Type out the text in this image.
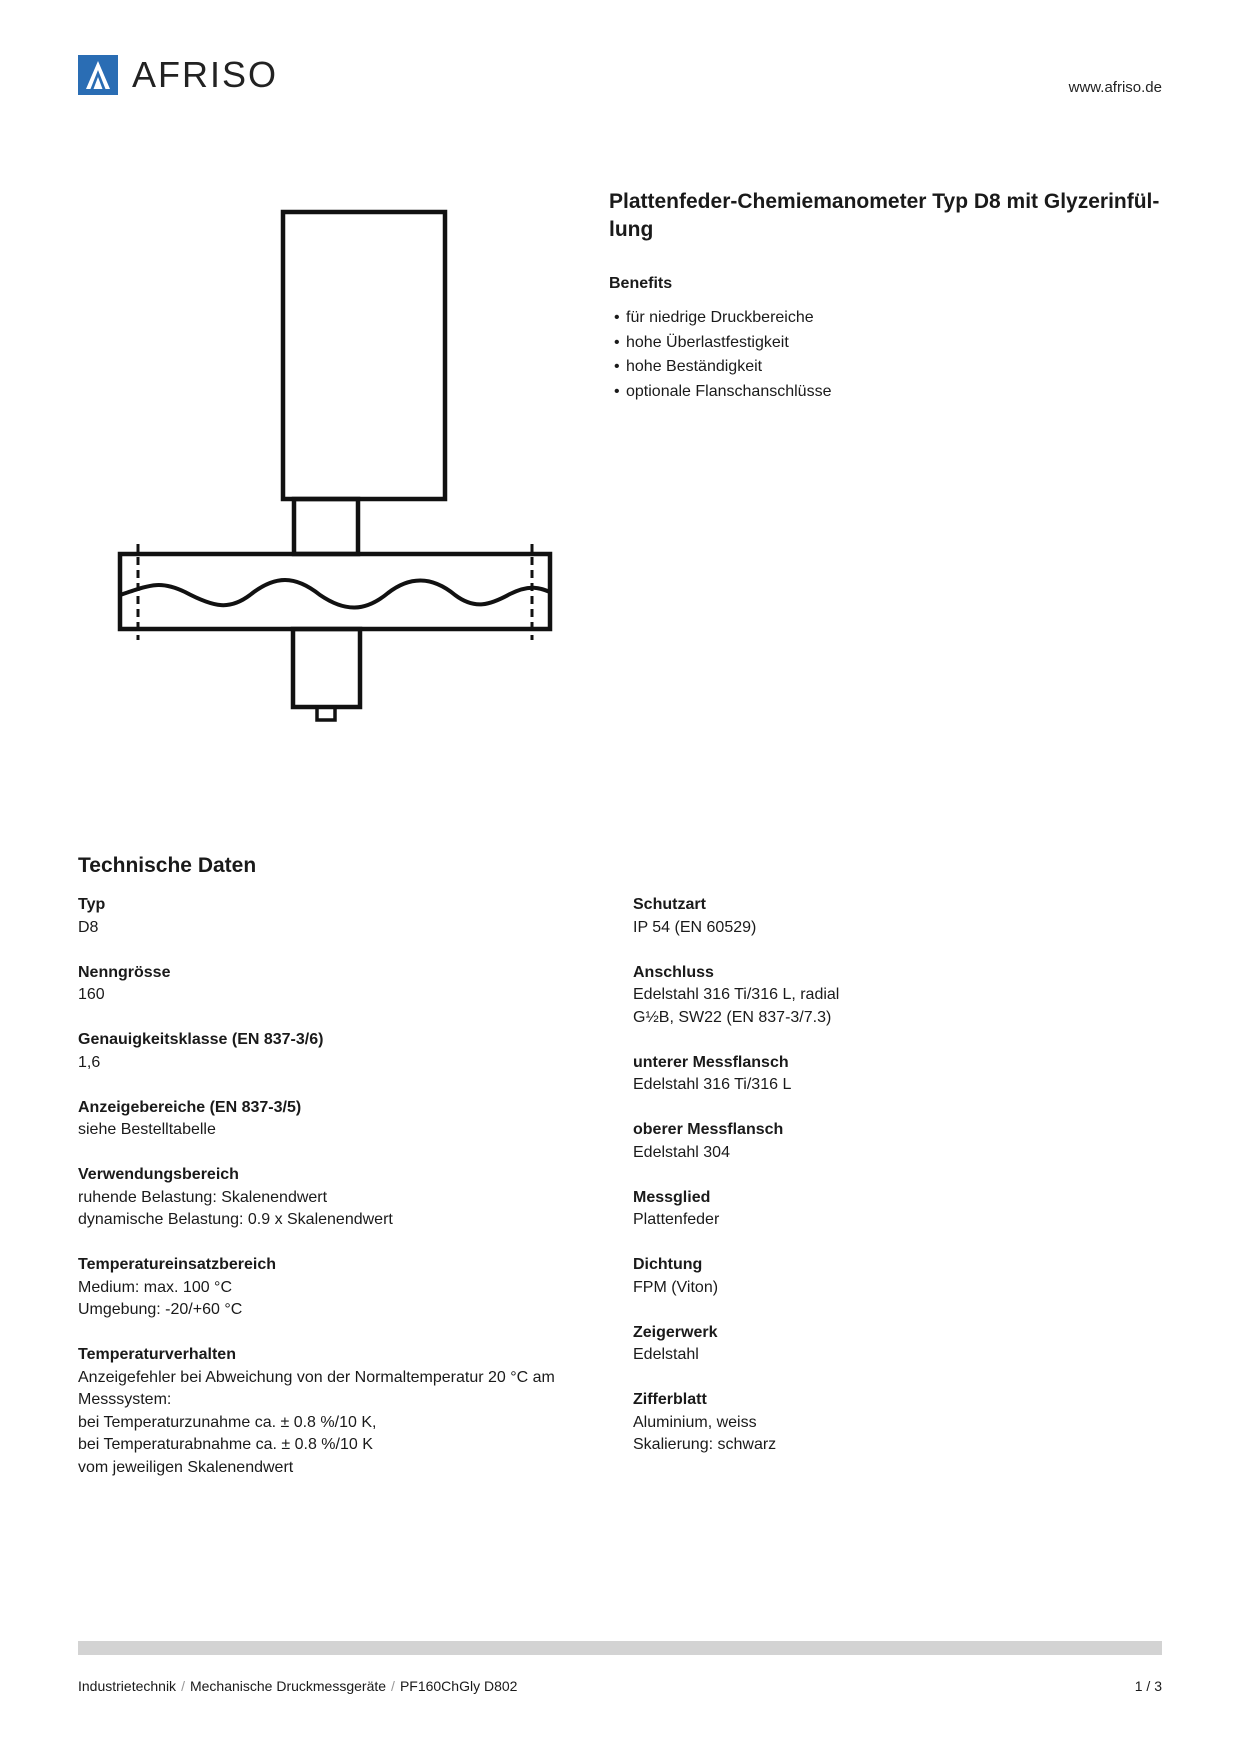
AFRISO	www.afriso.de
Plattenfeder-Chemiemanometer Typ D8 mit Glyzerinfül-
lung
Benefits
• für niedrige Druckbereiche
• hohe Überlastfestigkeit
• hohe Beständigkeit
• optionale Flanschanschlüsse
Technische Daten
Typ
D8
Nenngrösse
160
Genauigkeitsklasse (EN 837-3/6)
1,6
Anzeigebereiche (EN 837-3/5)
siehe Bestelltabelle
Verwendungsbereich
ruhende Belastung: Skalenendwert
dynamische Belastung: 0.9 x Skalenendwert
Temperatureinsatzbereich
Medium: max. 100 °C
Umgebung: -20/+60 °C
Temperaturverhalten
Anzeigefehler bei Abweichung von der Normaltemperatur 20 °C am
Messsystem:
bei Temperaturzunahme ca. ± 0.8 %/10 K,
bei Temperaturabnahme ca. ± 0.8 %/10 K
vom jeweiligen Skalenendwert
Schutzart
IP 54 (EN 60529)
Anschluss
Edelstahl 316 Ti/316 L, radial
G½B, SW22 (EN 837-3/7.3)
unterer Messflansch
Edelstahl 316 Ti/316 L
oberer Messflansch
Edelstahl 304
Messglied
Plattenfeder
Dichtung
FPM (Viton)
Zeigerwerk
Edelstahl
Zifferblatt
Aluminium, weiss
Skalierung: schwarz
Industrietechnik / Mechanische Druckmessgeräte / PF160ChGly D802	1 / 3
